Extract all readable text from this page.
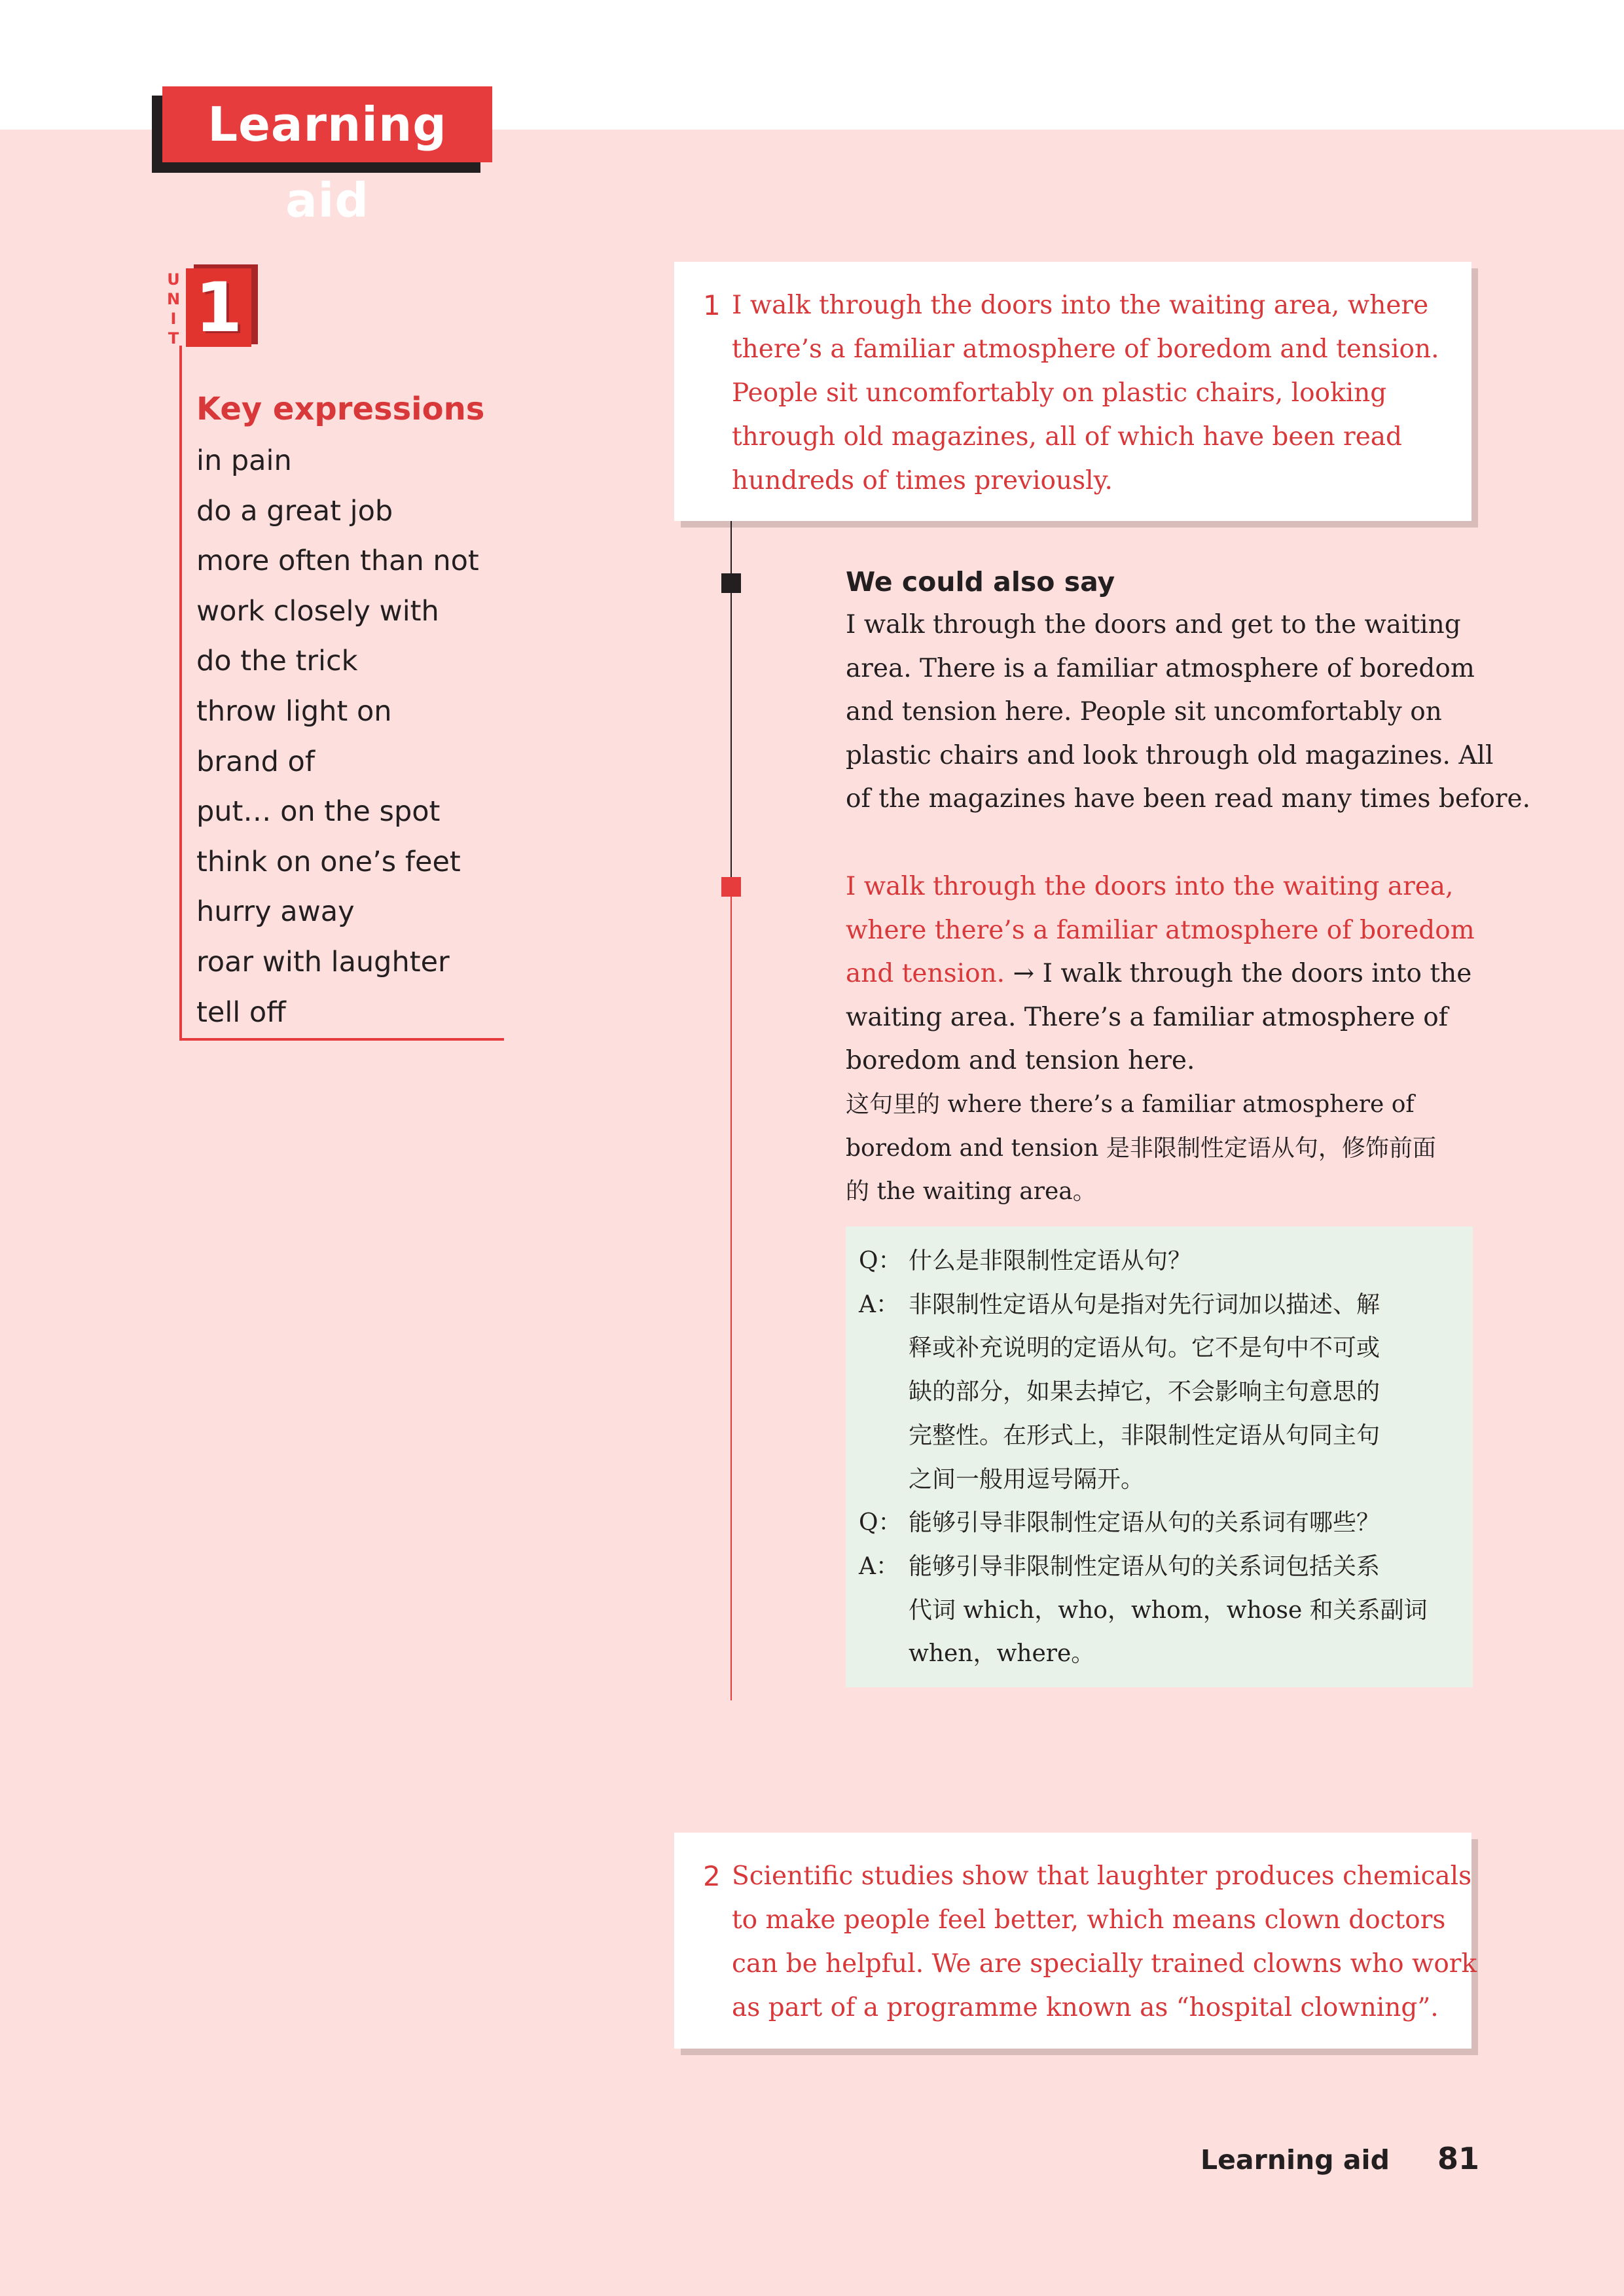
Learning aid
U
N
I
T 1
Key expressions
in pain
do a great job
more often than not
work closely with
do the trick
throw light on
brand of
put… on the spot
think on one’s feet
hurry away
roar with laughter
tell off
1 I walk through the doors into the waiting area, where
there’s a familiar atmosphere of boredom and tension.
People sit uncomfortably on plastic chairs, looking
through old magazines, all of which have been read
hundreds of times previously.
We could also say
I walk through the doors and get to the waiting
area. There is a familiar atmosphere of boredom
and tension here. People sit uncomfortably on
plastic chairs and look through old magazines. All
of the magazines have been read many times before.
I walk through the doors into the waiting area,
where there’s a familiar atmosphere of boredom
and tension. → I walk through the doors into the
waiting area. There’s a familiar atmosphere of
boredom and tension here.
这句里的 where there’s a familiar atmosphere of
boredom and tension 是非限制性定语从句，修饰前面
的 the waiting area。
Q： 什么是非限制性定语从句？
A： 非限制性定语从句是指对先行词加以描述、解
释或补充说明的定语从句。它不是句中不可或
缺的部分，如果去掉它，不会影响主句意思的
完整性。在形式上，非限制性定语从句同主句
之间一般用逗号隔开。
Q： 能够引导非限制性定语从句的关系词有哪些？
A： 能够引导非限制性定语从句的关系词包括关系
代词 which，who，whom，whose 和关系副词
when，where。
2 Scientific studies show that laughter produces chemicals
to make people feel better, which means clown doctors
can be helpful. We are specially trained clowns who work
as part of a programme known as “hospital clowning”.
Learning aid 81
